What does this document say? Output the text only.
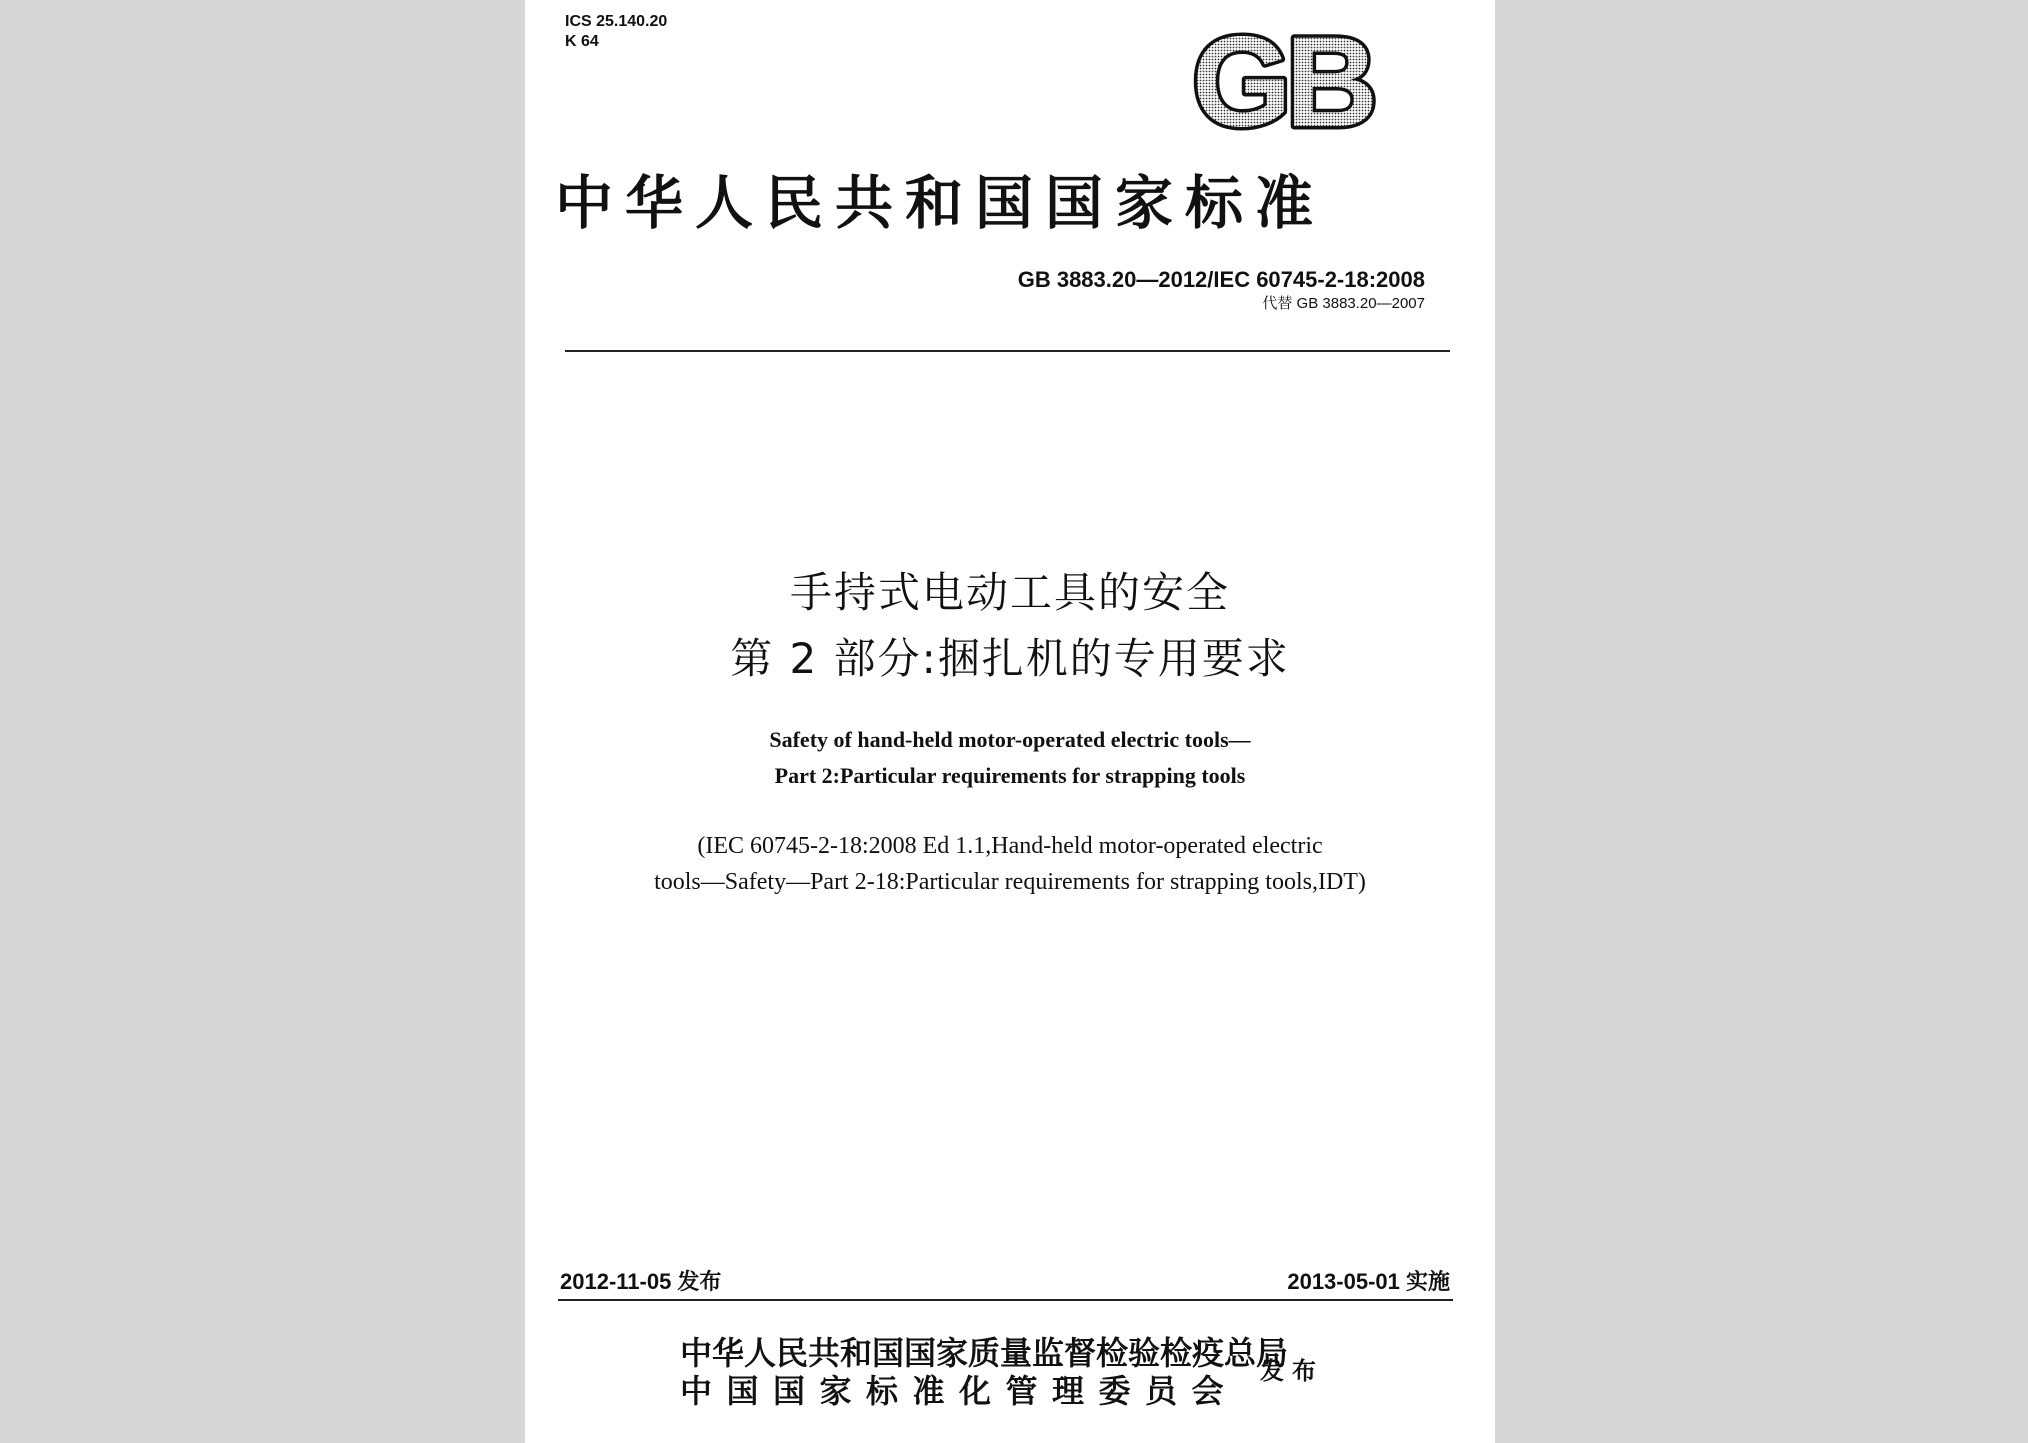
ICS 25.140.20
K 64	GB
中华人民共和国国家标准
GB 3883.20—2012/IEC 60745-2-18:2008
代替 GB 3883.20—2007
手持式电动工具的安全
第 2 部分:捆扎机的专用要求
Safety of hand-held motor-operated electric tools—
Part 2:Particular requirements for strapping tools
(IEC 60745-2-18:2008 Ed 1.1,Hand-held motor-operated electric
tools—Safety—Part 2-18:Particular requirements for strapping tools,IDT)
2012-11-05 发布	2013-05-01 实施
中华人民共和国国家质量监督检验检疫总局
中国国家标准化管理委员会
发布
